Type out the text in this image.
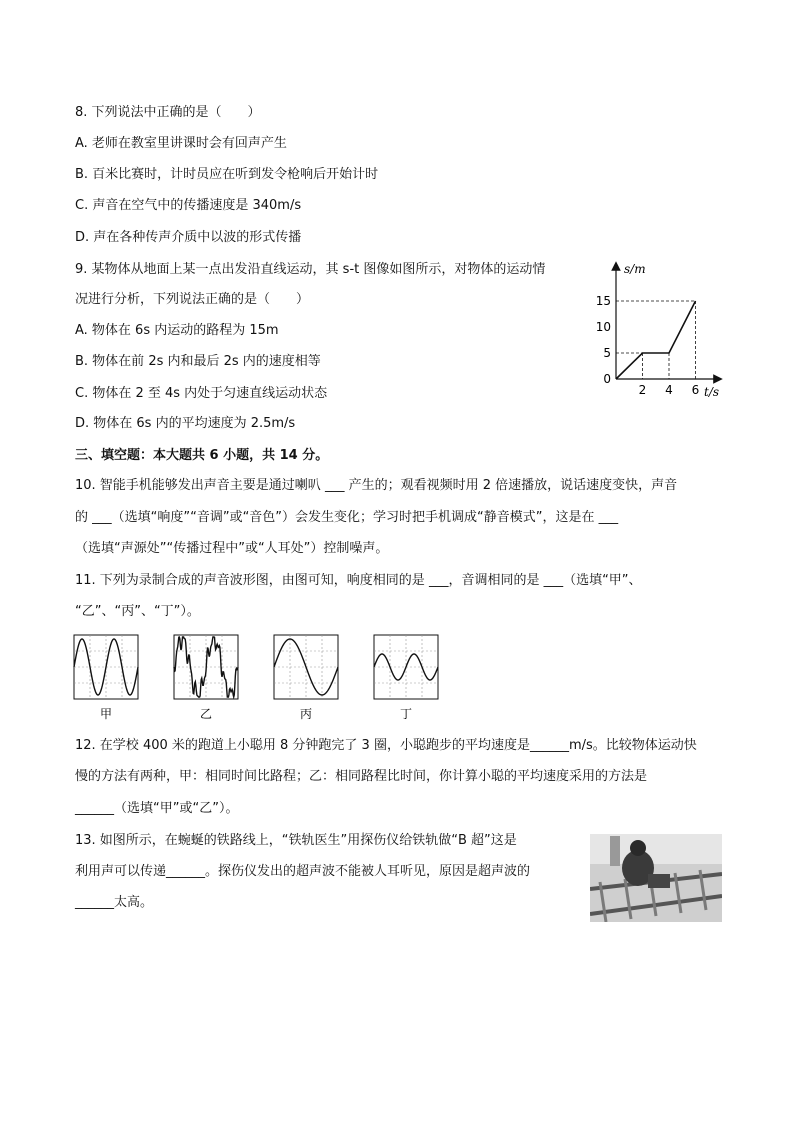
8. 下列说法中正确的是（　　）
A. 老师在教室里讲课时会有回声产生
B. 百米比赛时，计时员应在听到发令枪响后开始计时
C. 声音在空气中的传播速度是 340m/s
D. 声在各种传声介质中以波的形式传播
9. 某物体从地面上某一点出发沿直线运动，其 s-t 图像如图所示，对物体的运动情
况进行分析，下列说法正确的是（　　）
A. 物体在 6s 内运动的路程为 15m
B. 物体在前 2s 内和最后 2s 内的速度相等
C. 物体在 2 至 4s 内处于匀速直线运动状态
D. 物体在 6s 内的平均速度为 2.5m/s
s/m
t/s
0
5
10
15
2 4 6
三、填空题：本大题共 6 小题，共 14 分。
10. 智能手机能够发出声音主要是通过喇叭 ___ 产生的；观看视频时用 2 倍速播放，说话速度变快，声音
的 ___（选填“响度”“音调”或“音色”）会发生变化；学习时把手机调成“静音模式”，这是在 ___
（选填“声源处”“传播过程中”或“人耳处”）控制噪声。
11. 下列为录制合成的声音波形图，由图可知，响度相同的是 ___，音调相同的是 ___（选填“甲”、
“乙”、“丙”、“丁”）。
甲	乙	丙	丁
12. 在学校 400 米的跑道上小聪用 8 分钟跑完了 3 圈，小聪跑步的平均速度是______m/s。比较物体运动快
慢的方法有两种，甲：相同时间比路程；乙：相同路程比时间，你计算小聪的平均速度采用的方法是
______（选填“甲”或“乙”）。
13. 如图所示，在蜿蜒的铁路线上，“铁轨医生”用探伤仪给铁轨做“B 超”这是
利用声可以传递______。探伤仪发出的超声波不能被人耳听见，原因是超声波的
______太高。
